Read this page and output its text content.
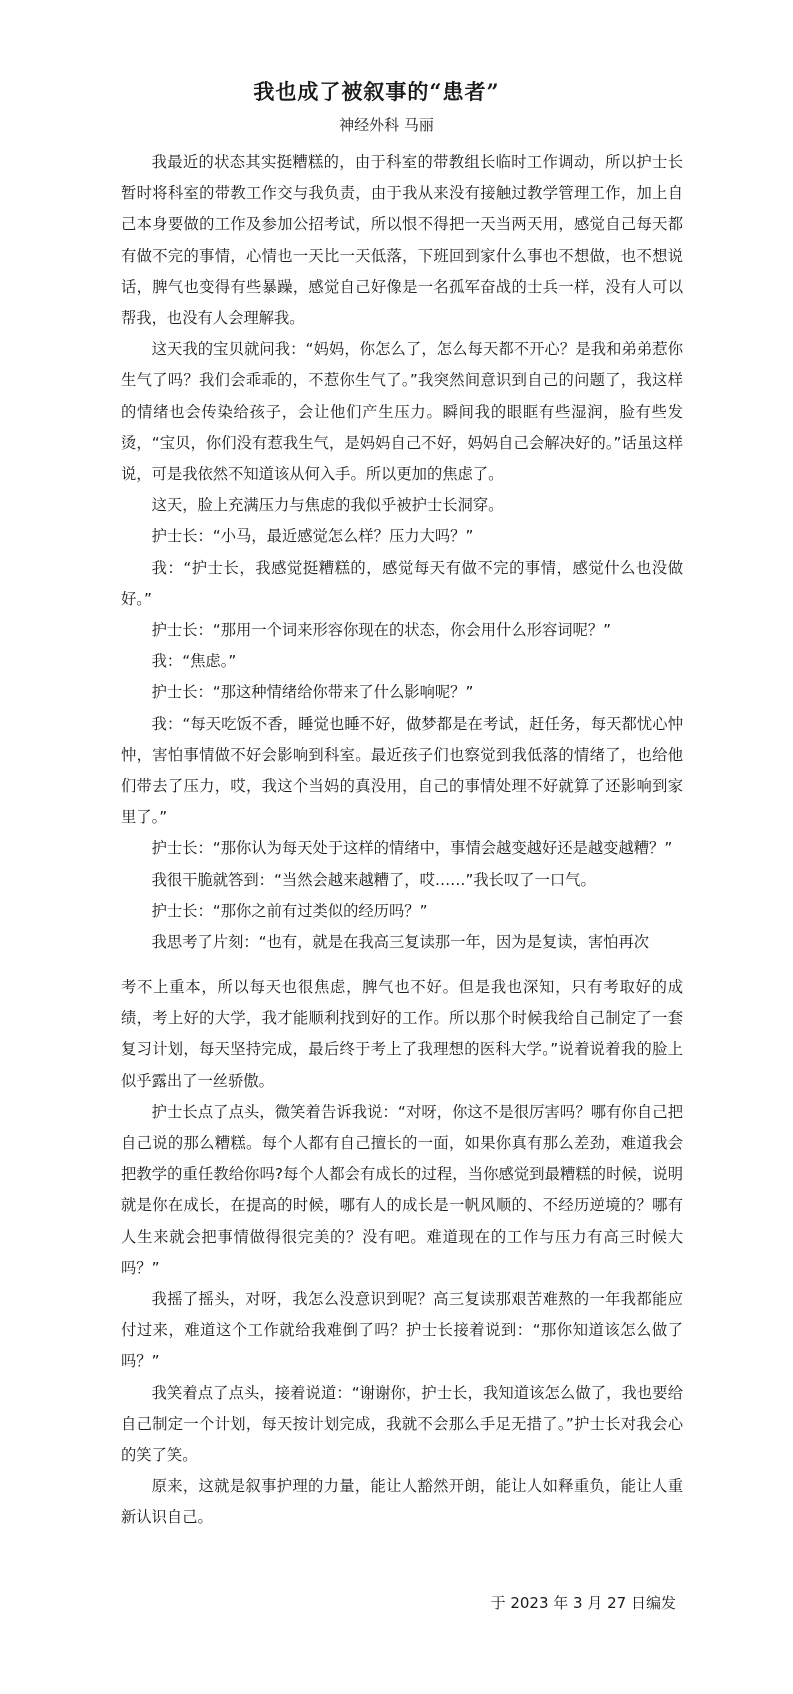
我也成了被叙事的“患者”
神经外科 马丽

我最近的状态其实挺糟糕的，由于科室的带教组长临时工作调动，所以护士长暂时将科室的带教工作交与我负责，由于我从来没有接触过教学管理工作，加上自己本身要做的工作及参加公招考试，所以恨不得把一天当两天用，感觉自己每天都有做不完的事情，心情也一天比一天低落，下班回到家什么事也不想做，也不想说话，脾气也变得有些暴躁，感觉自己好像是一名孤军奋战的士兵一样，没有人可以帮我，也没有人会理解我。

这天我的宝贝就问我：“妈妈，你怎么了，怎么每天都不开心？是我和弟弟惹你生气了吗？我们会乖乖的，不惹你生气了。”我突然间意识到自己的问题了，我这样的情绪也会传染给孩子，会让他们产生压力。瞬间我的眼眶有些湿润，脸有些发烫，“宝贝，你们没有惹我生气，是妈妈自己不好，妈妈自己会解决好的。”话虽这样说，可是我依然不知道该从何入手。所以更加的焦虑了。

这天，脸上充满压力与焦虑的我似乎被护士长洞穿。

护士长：“小马，最近感觉怎么样？压力大吗？”

我：“护士长，我感觉挺糟糕的，感觉每天有做不完的事情，感觉什么也没做好。”

护士长：“那用一个词来形容你现在的状态，你会用什么形容词呢？”

我：“焦虑。”

护士长：“那这种情绪给你带来了什么影响呢？”

我：“每天吃饭不香，睡觉也睡不好，做梦都是在考试，赶任务，每天都忧心忡忡，害怕事情做不好会影响到科室。最近孩子们也察觉到我低落的情绪了，也给他们带去了压力，哎，我这个当妈的真没用，自己的事情处理不好就算了还影响到家里了。”

护士长：“那你认为每天处于这样的情绪中，事情会越变越好还是越变越糟？”

我很干脆就答到：“当然会越来越糟了，哎……”我长叹了一口气。

护士长：“那你之前有过类似的经历吗？”

我思考了片刻：“也有，就是在我高三复读那一年，因为是复读，害怕再次

考不上重本，所以每天也很焦虑，脾气也不好。但是我也深知，只有考取好的成绩，考上好的大学，我才能顺利找到好的工作。所以那个时候我给自己制定了一套复习计划，每天坚持完成，最后终于考上了我理想的医科大学。”说着说着我的脸上似乎露出了一丝骄傲。

护士长点了点头，微笑着告诉我说：“对呀，你这不是很厉害吗？哪有你自己把自己说的那么糟糕。每个人都有自己擅长的一面，如果你真有那么差劲，难道我会把教学的重任教给你吗?每个人都会有成长的过程，当你感觉到最糟糕的时候，说明就是你在成长，在提高的时候，哪有人的成长是一帆风顺的、不经历逆境的？哪有人生来就会把事情做得很完美的？没有吧。难道现在的工作与压力有高三时候大吗？”

我摇了摇头，对呀，我怎么没意识到呢？高三复读那艰苦难熬的一年我都能应付过来，难道这个工作就给我难倒了吗？护士长接着说到：“那你知道该怎么做了吗？”

我笑着点了点头，接着说道：“谢谢你，护士长，我知道该怎么做了，我也要给自己制定一个计划，每天按计划完成，我就不会那么手足无措了。”护士长对我会心的笑了笑。

原来，这就是叙事护理的力量，能让人豁然开朗，能让人如释重负，能让人重新认识自己。

于 2023 年 3 月 27 日编发
